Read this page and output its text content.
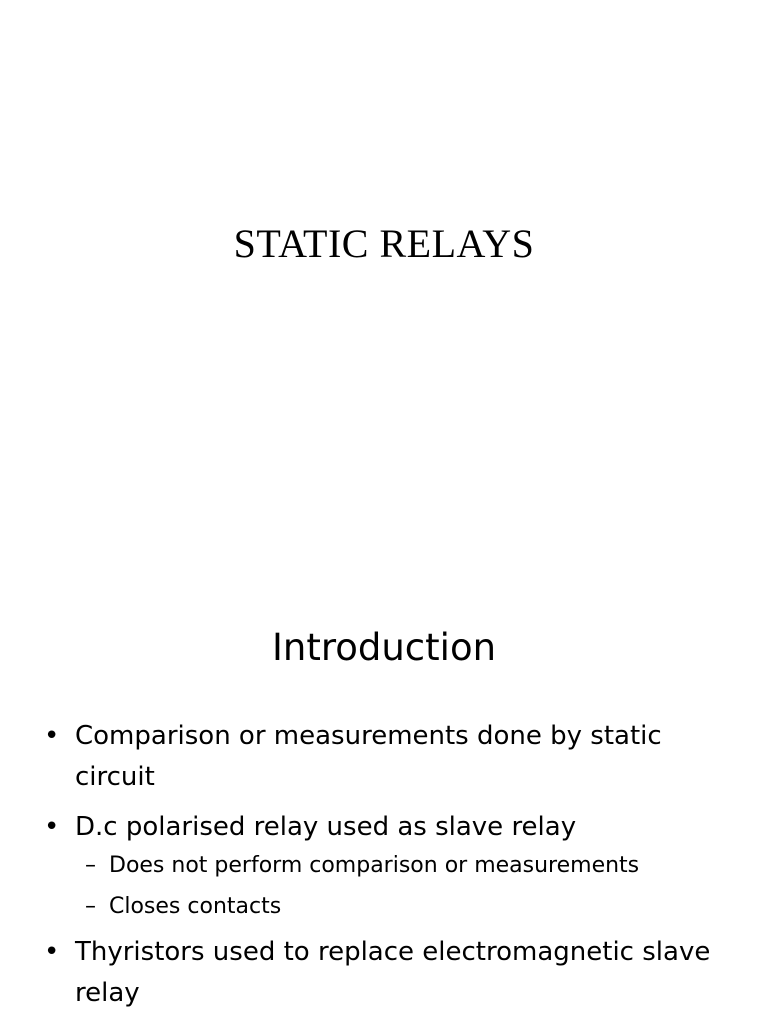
STATIC RELAYS
Introduction
• Comparison or measurements done by static circuit
• D.c polarised relay used as slave relay
– Does not perform comparison or measurements
– Closes contacts
• Thyristors used to replace electromagnetic slave relay
